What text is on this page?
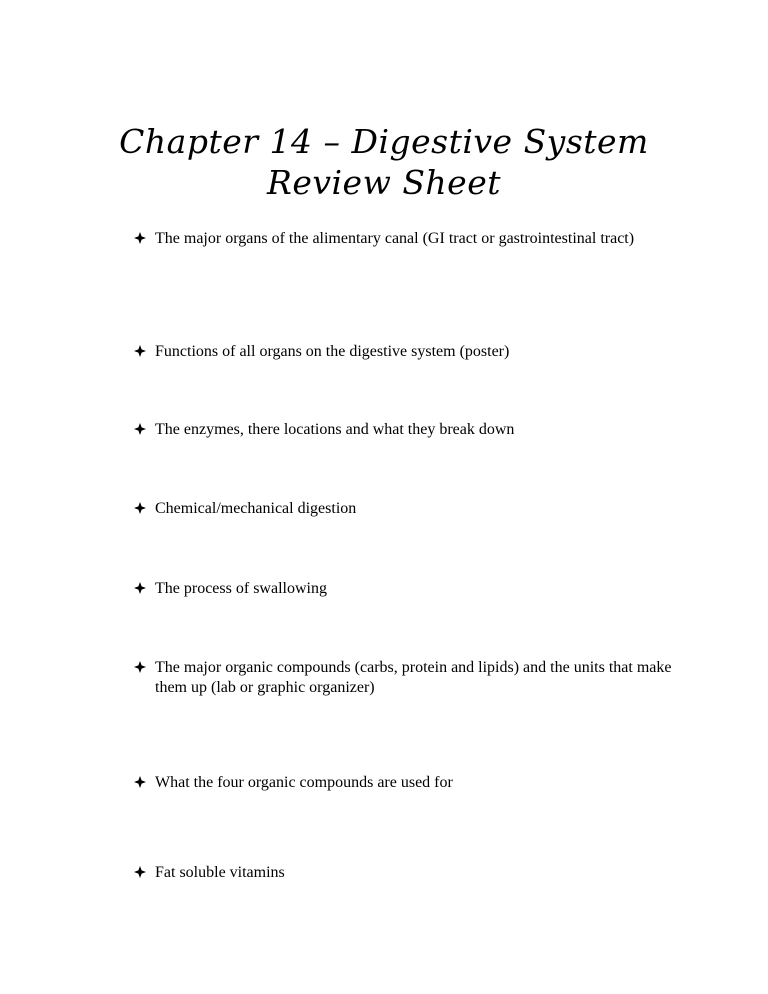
Chapter 14 – Digestive System
Review Sheet
The major organs of the alimentary canal (GI tract or gastrointestinal tract)
Functions of all organs on the digestive system (poster)
The enzymes, there locations and what they break down
Chemical/mechanical digestion
The process of swallowing
The major organic compounds (carbs, protein and lipids) and the units that make them up (lab or graphic organizer)
What the four organic compounds are used for
Fat soluble vitamins
